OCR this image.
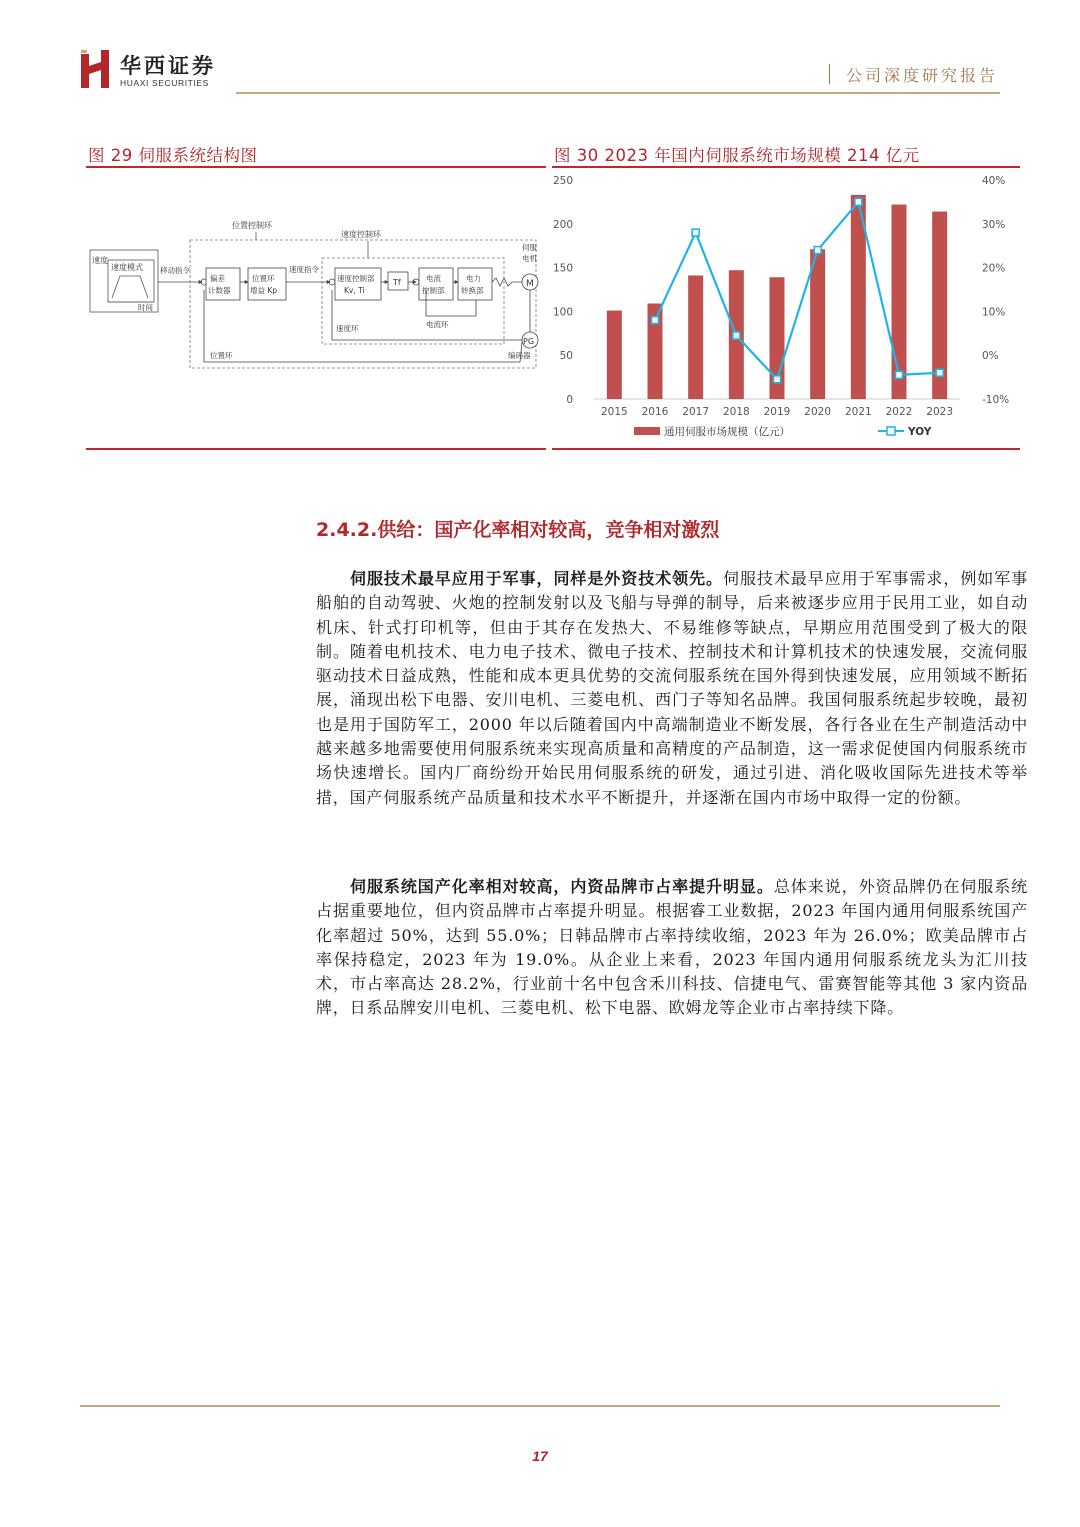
华西证券
HUAXI SECURITIES	公司深度研究报告
图 29 伺服系统结构图	图 30 2023 年国内伺服系统市场规模 214 亿元
速度
速度模式
时间
移动指令
位置控制环
速度控制环
偏差
计数器
位置环
增益 Kp
速度指令
速度控制部
Kv, Ti
Tf	电流
控制部
电力
转换部
M
伺服
电机
PG
编码器
电流环
速度环
位置环
0
50
100
150
200
250
-10%
0%
10%
20%
30%
40%
2015 2016 2017 2018 2019 2020 2021 2022 2023
通用伺服市场规模（亿元）	YOY
2.4.2.供给：国产化率相对较高，竞争相对激烈
伺服技术最早应用于军事，同样是外资技术领先。伺服技术最早应用于军事需求，例如军事船舶的自动驾驶、火炮的控制发射以及飞船与导弹的制导，后来被逐步应用于民用工业，如自动机床、针式打印机等，但由于其存在发热大、不易维修等缺点，早期应用范围受到了极大的限制。随着电机技术、电力电子技术、微电子技术、控制技术和计算机技术的快速发展，交流伺服驱动技术日益成熟，性能和成本更具优势的交流伺服系统在国外得到快速发展，应用领域不断拓展，涌现出松下电器、安川电机、三菱电机、西门子等知名品牌。我国伺服系统起步较晚，最初也是用于国防军工，2000 年以后随着国内中高端制造业不断发展，各行各业在生产制造活动中越来越多地需要使用伺服系统来实现高质量和高精度的产品制造，这一需求促使国内伺服系统市场快速增长。国内厂商纷纷开始民用伺服系统的研发，通过引进、消化吸收国际先进技术等举措，国产伺服系统产品质量和技术水平不断提升，并逐渐在国内市场中取得一定的份额。
伺服系统国产化率相对较高，内资品牌市占率提升明显。总体来说，外资品牌仍在伺服系统占据重要地位，但内资品牌市占率提升明显。根据睿工业数据，2023 年国内通用伺服系统国产化率超过 50%，达到 55.0%；日韩品牌市占率持续收缩，2023 年为 26.0%；欧美品牌市占率保持稳定，2023 年为 19.0%。从企业上来看，2023 年国内通用伺服系统龙头为汇川技术，市占率高达 28.2%，行业前十名中包含禾川科技、信捷电气、雷赛智能等其他 3 家内资品牌，日系品牌安川电机、三菱电机、松下电器、欧姆龙等企业市占率持续下降。
17
